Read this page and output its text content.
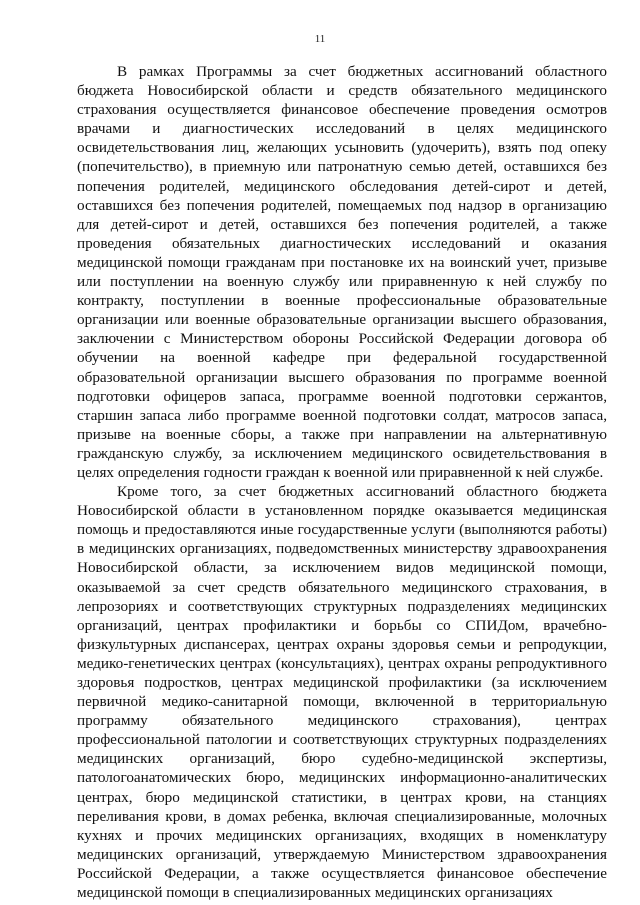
11

В рамках Программы за счет бюджетных ассигнований областного бюджета Новосибирской области и средств обязательного медицинского страхования осуществляется финансовое обеспечение проведения осмотров врачами и диагностических исследований в целях медицинского освидетельствования лиц, желающих усыновить (удочерить), взять под опеку (попечительство), в приемную или патронатную семью детей, оставшихся без попечения родителей, медицинского обследования детей-сирот и детей, оставшихся без попечения родителей, помещаемых под надзор в организацию для детей-сирот и детей, оставшихся без попечения родителей, а также проведения обязательных диагностических исследований и оказания медицинской помощи гражданам при постановке их на воинский учет, призыве или поступлении на военную службу или приравненную к ней службу по контракту, поступлении в военные профессиональные образовательные организации или военные образовательные организации высшего образования, заключении с Министерством обороны Российской Федерации договора об обучении на военной кафедре при федеральной государственной образовательной организации высшего образования по программе военной подготовки офицеров запаса, программе военной подготовки сержантов, старшин запаса либо программе военной подготовки солдат, матросов запаса, призыве на военные сборы, а также при направлении на альтернативную гражданскую службу, за исключением медицинского освидетельствования в целях определения годности граждан к военной или приравненной к ней службе.

Кроме того, за счет бюджетных ассигнований областного бюджета Новосибирской области в установленном порядке оказывается медицинская помощь и предоставляются иные государственные услуги (выполняются работы) в медицинских организациях, подведомственных министерству здравоохранения Новосибирской области, за исключением видов медицинской помощи, оказываемой за счет средств обязательного медицинского страхования, в лепрозориях и соответствующих структурных подразделениях медицинских организаций, центрах профилактики и борьбы со СПИДом, врачебно-физкультурных диспансерах, центрах охраны здоровья семьи и репродукции, медико-генетических центрах (консультациях), центрах охраны репродуктивного здоровья подростков, центрах медицинской профилактики (за исключением первичной медико-санитарной помощи, включенной в территориальную программу обязательного медицинского страхования), центрах профессиональной патологии и соответствующих структурных подразделениях медицинских организаций, бюро судебно-медицинской экспертизы, патологоанатомических бюро, медицинских информационно-аналитических центрах, бюро медицинской статистики, в центрах крови, на станциях переливания крови, в домах ребенка, включая специализированные, молочных кухнях и прочих медицинских организациях, входящих в номенклатуру медицинских организаций, утверждаемую Министерством здравоохранения Российской Федерации, а также осуществляется финансовое обеспечение медицинской помощи в специализированных медицинских организациях
